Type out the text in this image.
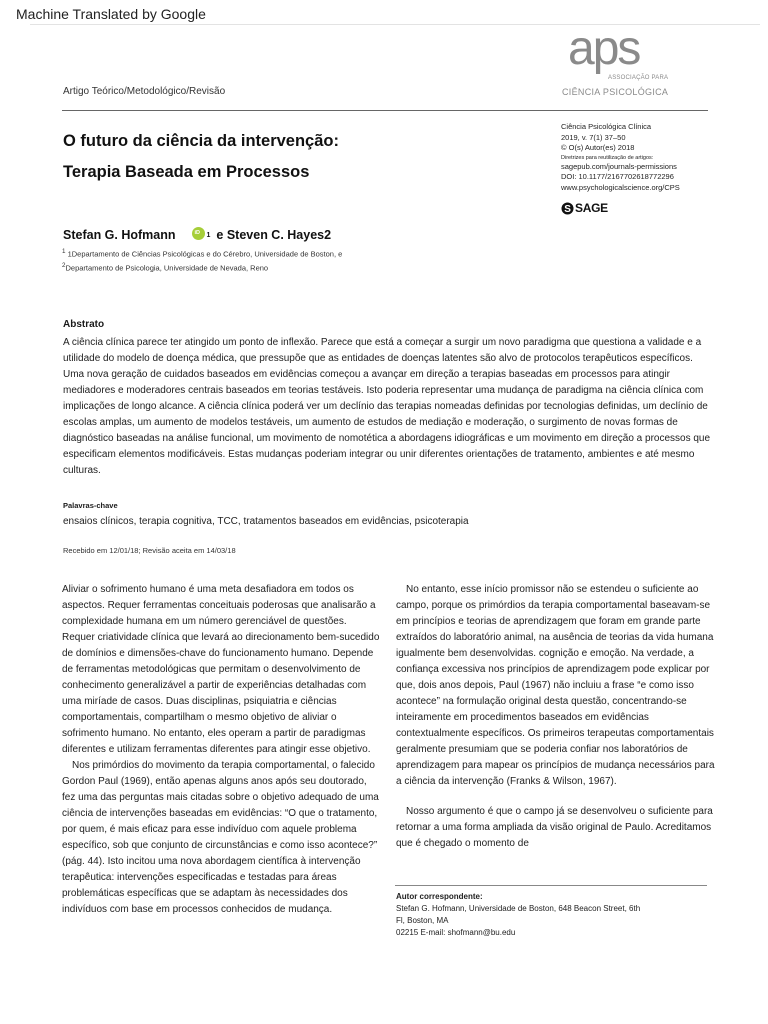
Machine Translated by Google
aps
ASSOCIAÇÃO PARA
CIÊNCIA PSICOLÓGICA
Artigo Teórico/Metodológico/Revisão
O futuro da ciência da intervenção:
Terapia Baseada em Processos
Ciência Psicológica Clínica
2019, v. 7(1) 37–50
© O(s) Autor(es) 2018
Diretrizes para reutilização de artigos:
sagepub.com/journals-permissions
DOI: 10.1177/2167702618772296
www.psychologicalscience.org/CPS
S SAGE
Stefan G. Hofmann	iD 1 e Steven C. Hayes2
$^1$ 1Departamento de Ciências Psicológicas e do Cérebro, Universidade de Boston, e
$^2$Departamento de Psicologia, Universidade de Nevada, Reno
Abstrato
A ciência clínica parece ter atingido um ponto de inflexão. Parece que está a começar a surgir um novo paradigma que questiona a validade e a utilidade do modelo de doença médica, que pressupõe que as entidades de doenças latentes são alvo de protocolos terapêuticos específicos. Uma nova geração de cuidados baseados em evidências começou a avançar em direção a terapias baseadas em processos para atingir mediadores e moderadores centrais baseados em teorias testáveis. Isto poderia representar uma mudança de paradigma na ciência clínica com implicações de longo alcance. A ciência clínica poderá ver um declínio das terapias nomeadas definidas por tecnologias definidas, um declínio de escolas amplas, um aumento de modelos testáveis, um aumento de estudos de mediação e moderação, o surgimento de novas formas de diagnóstico baseadas na análise funcional, um movimento de nomotética a abordagens idiográficas e um movimento em direção a processos que especificam elementos modificáveis. Estas mudanças poderiam integrar ou unir diferentes orientações de tratamento, ambientes e até mesmo culturas.
Palavras-chave
ensaios clínicos, terapia cognitiva, TCC, tratamentos baseados em evidências, psicoterapia
Recebido em 12/01/18; Revisão aceita em 14/03/18

Aliviar o sofrimento humano é uma meta desafiadora em todos os aspectos. Requer ferramentas conceituais poderosas que analisarão a complexidade humana em um número gerenciável de questões. Requer criatividade clínica que levará ao direcionamento bem-sucedido de domínios e dimensões-chave do funcionamento humano. Depende de ferramentas metodológicas que permitam o desenvolvimento de conhecimento generalizável a partir de experiências detalhadas com uma miríade de casos. Duas disciplinas, psiquiatria e ciências comportamentais, compartilham o mesmo objetivo de aliviar o sofrimento humano. No entanto, eles operam a partir de paradigmas diferentes e utilizam ferramentas diferentes para atingir esse objetivo.

Nos primórdios do movimento da terapia comportamental, o falecido Gordon Paul (1969), então apenas alguns anos após seu doutorado, fez uma das perguntas mais citadas sobre o objetivo adequado de uma ciência de intervenções baseadas em evidências: “O que o tratamento, por quem, é mais eficaz para esse indivíduo com aquele problema específico, sob que conjunto de circunstâncias e como isso acontece?” (pág. 44). Isto incitou uma nova abordagem científica à intervenção terapêutica: intervenções especificadas e testadas para áreas problemáticas específicas que se adaptam às necessidades dos indivíduos com base em processos conhecidos de mudança.

No entanto, esse início promissor não se estendeu o suficiente ao campo, porque os primórdios da terapia comportamental baseavam-se em princípios e teorias de aprendizagem que foram em grande parte extraídos do laboratório animal, na ausência de teorias da vida humana igualmente bem desenvolvidas. cognição e emoção. Na verdade, a confiança excessiva nos princípios de aprendizagem pode explicar por que, dois anos depois, Paul (1967) não incluiu a frase “e como isso acontece” na formulação original desta questão, concentrando-se inteiramente em procedimentos baseados em evidências contextualmente específicos. Os primeiros terapeutas comportamentais geralmente presumiam que se poderia confiar nos laboratórios de aprendizagem para mapear os princípios de mudança necessários para a ciência da intervenção (Franks & Wilson, 1967).

Nosso argumento é que o campo já se desenvolveu o suficiente para retornar a uma forma ampliada da visão original de Paulo. Acreditamos que é chegado o momento de

Autor correspondente:
Stefan G. Hofmann, Universidade de Boston, 648 Beacon Street, 6th
Fl, Boston, MA
02215 E-mail: shofmann@bu.edu
